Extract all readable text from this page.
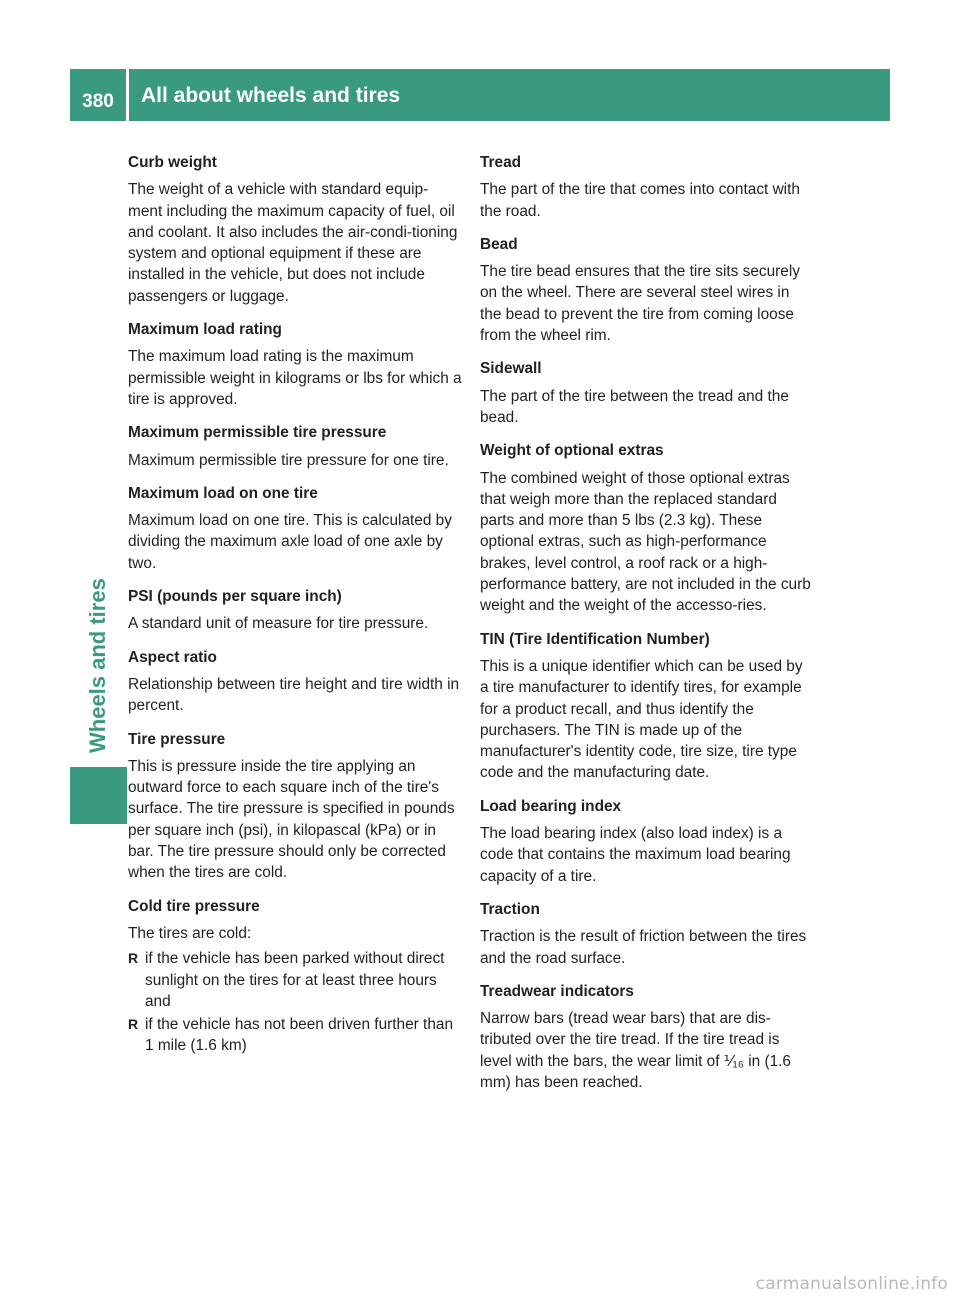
380	All about wheels and tires
Wheels and tires
Curb weight
The weight of a vehicle with standard equip-ment including the maximum capacity of fuel, oil and coolant. It also includes the air-condi-tioning system and optional equipment if these are installed in the vehicle, but does not include passengers or luggage.
Maximum load rating
The maximum load rating is the maximum permissible weight in kilograms or lbs for which a tire is approved.
Maximum permissible tire pressure
Maximum permissible tire pressure for one tire.
Maximum load on one tire
Maximum load on one tire. This is calculated by dividing the maximum axle load of one axle by two.
PSI (pounds per square inch)
A standard unit of measure for tire pressure.
Aspect ratio
Relationship between tire height and tire width in percent.
Tire pressure
This is pressure inside the tire applying an outward force to each square inch of the tire's surface. The tire pressure is specified in pounds per square inch (psi), in kilopascal (kPa) or in bar. The tire pressure should only be corrected when the tires are cold.
Cold tire pressure
The tires are cold:
R if the vehicle has been parked without direct sunlight on the tires for at least three hours and
R if the vehicle has not been driven further than 1 mile (1.6 km)
Tread
The part of the tire that comes into contact with the road.
Bead
The tire bead ensures that the tire sits securely on the wheel. There are several steel wires in the bead to prevent the tire from coming loose from the wheel rim.
Sidewall
The part of the tire between the tread and the bead.
Weight of optional extras
The combined weight of those optional extras that weigh more than the replaced standard parts and more than 5 lbs (2.3 kg). These optional extras, such as high-performance brakes, level control, a roof rack or a high-performance battery, are not included in the curb weight and the weight of the accesso-ries.
TIN (Tire Identification Number)
This is a unique identifier which can be used by a tire manufacturer to identify tires, for example for a product recall, and thus identify the purchasers. The TIN is made up of the manufacturer's identity code, tire size, tire type code and the manufacturing date.
Load bearing index
The load bearing index (also load index) is a code that contains the maximum load bearing capacity of a tire.
Traction
Traction is the result of friction between the tires and the road surface.
Treadwear indicators
Narrow bars (tread wear bars) that are dis-tributed over the tire tread. If the tire tread is level with the bars, the wear limit of ⅟₁₆ in (1.6 mm) has been reached.
carmanualsonline.info
